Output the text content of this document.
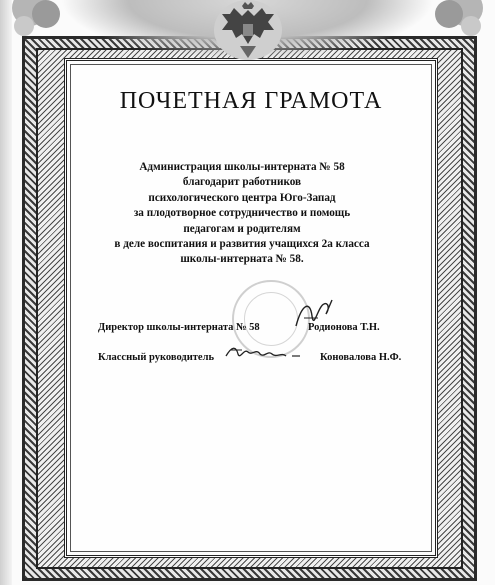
ПОЧЕТНАЯ ГРАМОТА
Администрация школы-интерната № 58
благодарит работников
психологического центра Юго-Запад
за плодотворное сотрудничество и помощь
педагогам и родителям
в деле воспитания и развития учащихся 2а класса
школы-интерната № 58.
Директор школы-интерната № 58	Родионова Т.Н.
Классный руководитель	Коновалова Н.Ф.
